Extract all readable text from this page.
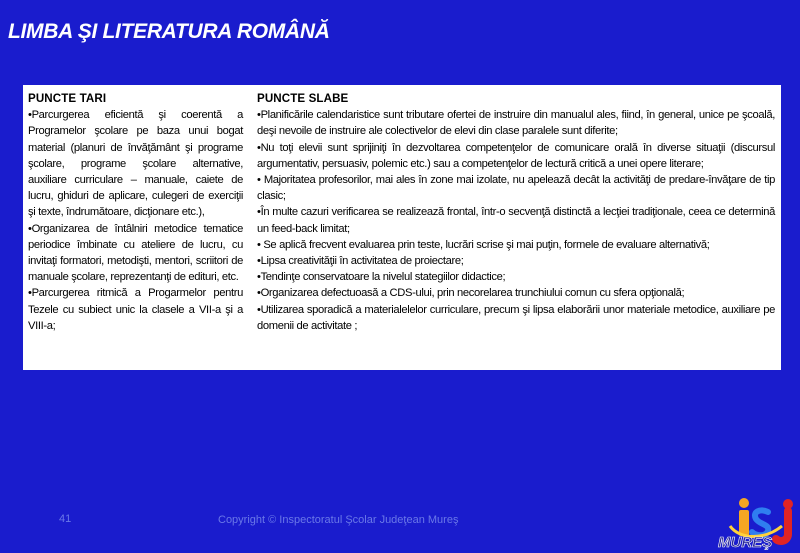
LIMBA ŞI LITERATURA ROMÂNĂ
PUNCTE TARI
•Parcurgerea eficientă şi coerentă a Programelor şcolare pe baza unui bogat material (planuri de învăţământ şi programe şcolare, programe şcolare alternative, auxiliare curriculare – manuale, caiete de lucru, ghiduri de aplicare, culegeri de exerciţii şi texte, îndrumătoare, dicţionare etc.),
•Organizarea de întâlniri metodice tematice periodice îmbinate cu ateliere de lucru, cu invitaţi formatori, metodişti, mentori, scriitori de manuale şcolare, reprezentanţi de edituri, etc.
•Parcurgerea ritmică a Progarmelor pentru Tezele cu subiect unic la clasele a VII-a şi a VIII-a;
PUNCTE SLABE
•Planificările calendaristice sunt tributare ofertei de instruire din manualul ales, fiind, în general, unice pe şcoală, deşi nevoile de instruire ale colectivelor de elevi din clase paralele sunt diferite;
•Nu toţi elevii sunt sprijiniţi în dezvoltarea competenţelor de comunicare orală în diverse situaţii (discursul argumentativ, persuasiv, polemic etc.) sau a competenţelor de lectură critică a unei opere literare;
• Majoritatea profesorilor, mai ales în zone mai izolate, nu apelează decât la activităţi de predare-învăţare de tip clasic;
•În multe cazuri verificarea se realizează frontal, într-o secvenţă distinctă a lecţiei tradiţionale, ceea ce determină un feed-back limitat;
• Se aplică frecvent evaluarea prin teste, lucrări scrise şi mai puţin, formele de evaluare alternativă;
•Lipsa creativităţii în activitatea de proiectare;
•Tendinţe conservatoare la nivelul stategiilor didactice;
•Organizarea defectuoasă a CDS-ului, prin necorelarea trunchiului comun cu sfera opţională;
•Utilizarea sporadică a materialelelor curriculare, precum şi lipsa elaborării unor materiale metodice, auxiliare pe domenii de activitate ;
41	Copyright © Inspectoratul Şcolar Judeţean Mureş
MUREŞ
